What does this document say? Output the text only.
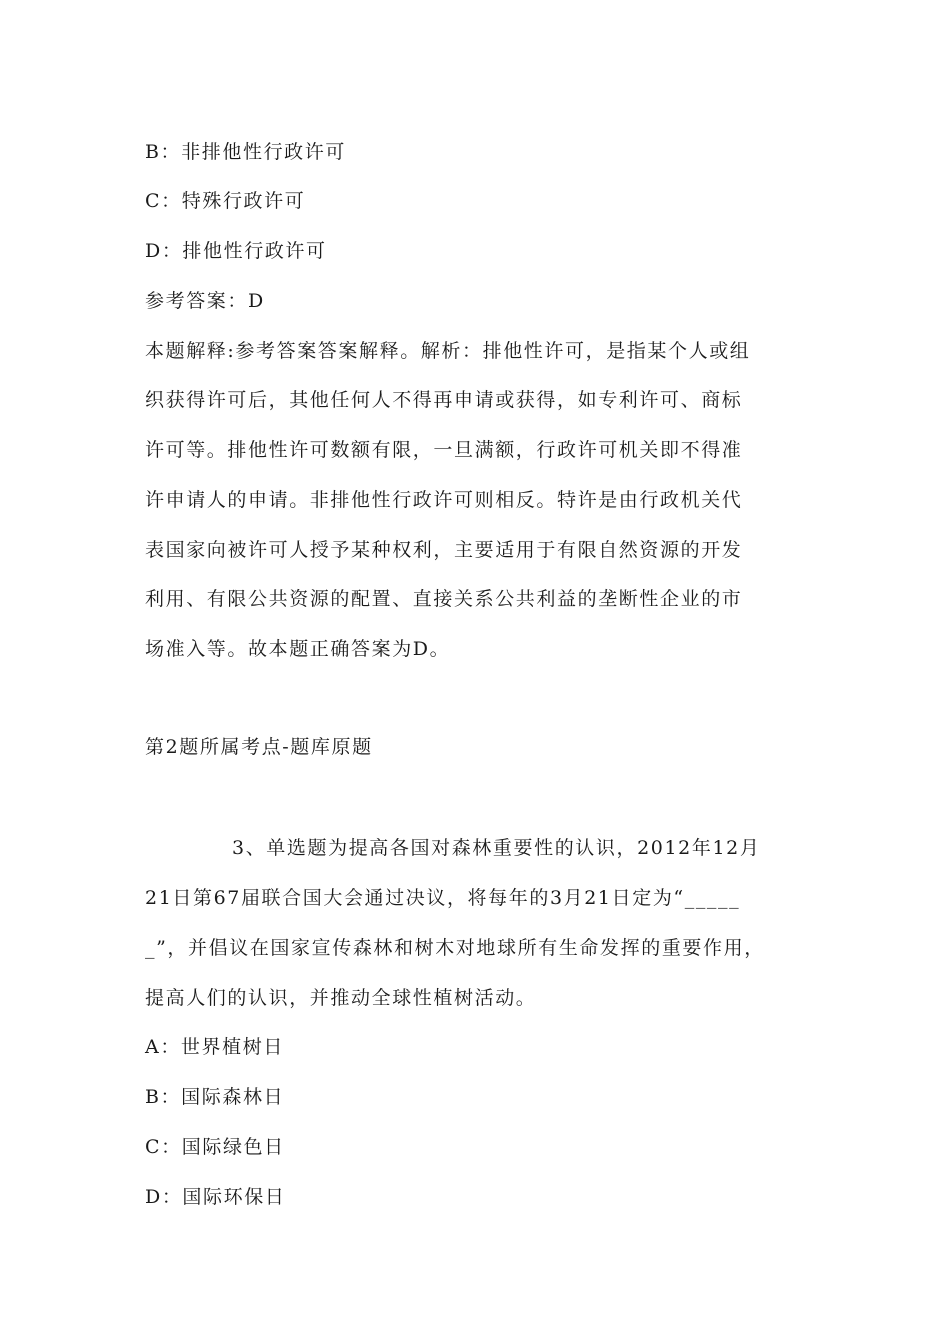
B：非排他性行政许可
C：特殊行政许可
D：排他性行政许可
参考答案：D
本题解释:参考答案答案解释。解析：排他性许可，是指某个人或组
织获得许可后，其他任何人不得再申请或获得，如专利许可、商标
许可等。排他性许可数额有限，一旦满额，行政许可机关即不得准
许申请人的申请。非排他性行政许可则相反。特许是由行政机关代
表国家向被许可人授予某种权利，主要适用于有限自然资源的开发
利用、有限公共资源的配置、直接关系公共利益的垄断性企业的市
场准入等。故本题正确答案为D。
第2题所属考点-题库原题
3、单选题为提高各国对森林重要性的认识，2012年12月
21日第67届联合国大会通过决议，将每年的3月21日定为“_____
_”，并倡议在国家宣传森林和树木对地球所有生命发挥的重要作用，
提高人们的认识，并推动全球性植树活动。
A：世界植树日
B：国际森林日
C：国际绿色日
D：国际环保日
